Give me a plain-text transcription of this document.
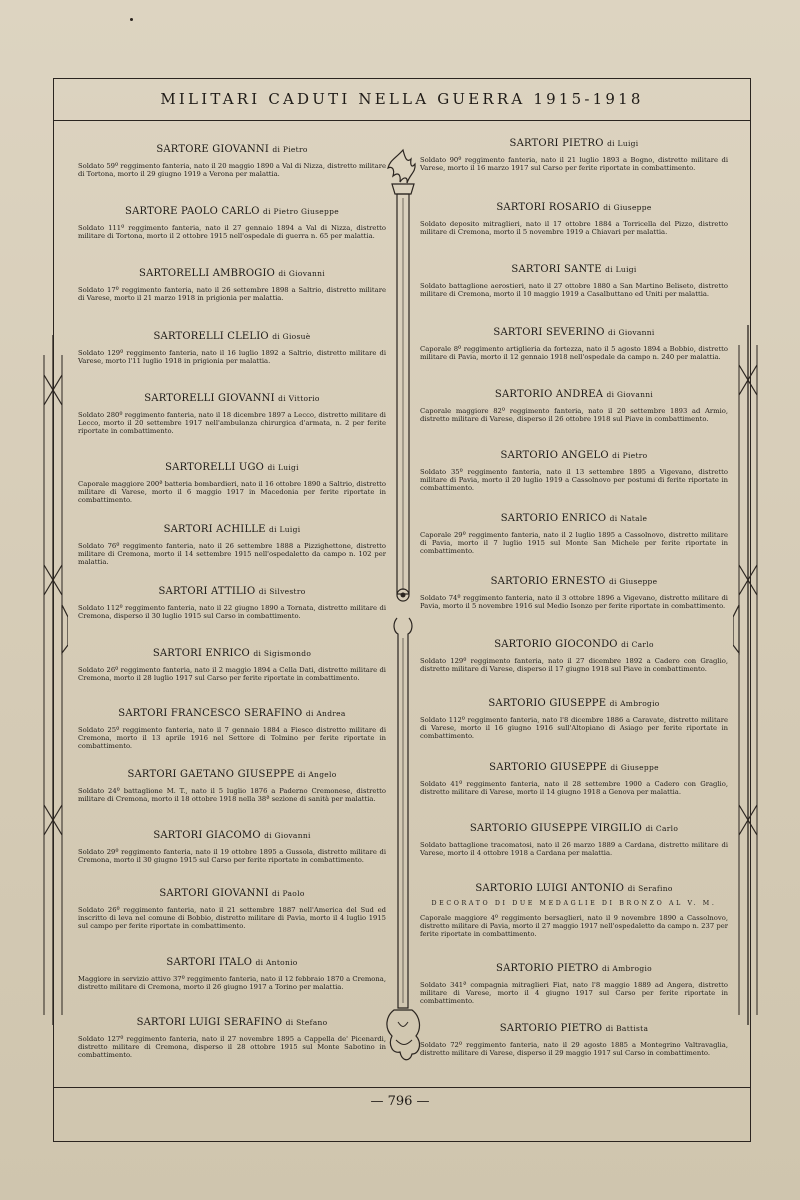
MILITARI CADUTI NELLA GUERRA 1915-1918
SARTORE GIOVANNI di Pietro
Soldato 59º reggimento fanteria, nato il 20 maggio 1890 a Val di Nizza, distretto militare di Tortona, morto il 29 giugno 1919 a Verona per malattia.
SARTORE PAOLO CARLO di Pietro Giuseppe
Soldato 111º reggimento fanteria, nato il 27 gennaio 1894 a Val di Nizza, distretto militare di Tortona, morto il 2 ottobre 1915 nell'ospedale di guerra n. 65 per malattia.
SARTORELLI AMBROGIO di Giovanni
Soldato 17º reggimento fanteria, nato il 26 settembre 1898 a Saltrio, distretto militare di Varese, morto il 21 marzo 1918 in prigionia per malattia.
SARTORELLI CLELIO di Giosuè
Soldato 129º reggimento fanteria, nato il 16 luglio 1892 a Saltrio, distretto militare di Varese, morto l'11 luglio 1918 in prigionia per malattia.
SARTORELLI GIOVANNI di Vittorio
Soldato 280º reggimento fanteria, nato il 18 dicembre 1897 a Lecco, distretto militare di Lecco, morto il 20 settembre 1917 nell'ambulanza chirurgica d'armata, n. 2 per ferite riportate in combattimento.
SARTORELLI UGO di Luigi
Caporale maggiore 200ª batteria bombardieri, nato il 16 ottobre 1890 a Saltrio, distretto militare di Varese, morto il 6 maggio 1917 in Macedonia per ferite riportate in combattimento.
SARTORI ACHILLE di Luigi
Soldato 76º reggimento fanteria, nato il 26 settembre 1888 a Pizzighettone, distretto militare di Cremona, morto il 14 settembre 1915 nell'ospedaletto da campo n. 102 per malattia.
SARTORI ATTILIO di Silvestro
Soldato 112º reggimento fanteria, nato il 22 giugno 1890 a Tornata, distretto militare di Cremona, disperso il 30 luglio 1915 sul Carso in combattimento.
SARTORI ENRICO di Sigismondo
Soldato 26º reggimento fanteria, nato il 2 maggio 1894 a Cella Dati, distretto militare di Cremona, morto il 28 luglio 1917 sul Carso per ferite riportate in combattimento.
SARTORI FRANCESCO SERAFINO di Andrea
Soldato 25º reggimento fanteria, nato il 7 gennaio 1884 a Fiesco distretto militare di Cremona, morto il 13 aprile 1916 nel Settore di Tolmino per ferite riportate in combattimento.
SARTORI GAETANO GIUSEPPE di Angelo
Soldato 24º battaglione M. T., nato il 5 luglio 1876 a Paderno Cremonese, distretto militare di Cremona, morto il 18 ottobre 1918 nella 38ª sezione di sanità per malattia.
SARTORI GIACOMO di Giovanni
Soldato 29º reggimento fanteria, nato il 19 ottobre 1895 a Gussola, distretto militare di Cremona, morto il 30 giugno 1915 sul Carso per ferite riportate in combattimento.
SARTORI GIOVANNI di Paolo
Soldato 26º reggimento fanteria, nato il 21 settembre 1887 nell'America del Sud ed inscritto di leva nel comune di Bobbio, distretto militare di Pavia, morto il 4 luglio 1915 sul campo per ferite riportate in combattimento.
SARTORI ITALO di Antonio
Maggiore in servizio attivo 37º reggimento fanteria, nato il 12 febbraio 1870 a Cremona, distretto militare di Cremona, morto il 26 giugno 1917 a Torino per malattia.
SARTORI LUIGI SERAFINO di Stefano
Soldato 127º reggimento fanteria, nato il 27 novembre 1895 a Cappella de' Picenardi, distretto militare di Cremona, disperso il 28 ottobre 1915 sul Monte Sabotino in combattimento.
SARTORI PIETRO di Luigi
Soldato 90º reggimento fanteria, nato il 21 luglio 1893 a Bogno, distretto militare di Varese, morto il 16 marzo 1917 sul Carso per ferite riportate in combattimento.
SARTORI ROSARIO di Giuseppe
Soldato deposito mitraglieri, nato il 17 ottobre 1884 a Torricella del Pizzo, distretto militare di Cremona, morto il 5 novembre 1919 a Chiavari per malattia.
SARTORI SANTE di Luigi
Soldato battaglione aerostieri, nato il 27 ottobre 1880 a San Martino Beliseto, distretto militare di Cremona, morto il 10 maggio 1919 a Casalbuttano ed Uniti per malattia.
SARTORI SEVERINO di Giovanni
Caporale 8º reggimento artiglieria da fortezza, nato il 5 agosto 1894 a Bobbio, distretto militare di Pavia, morto il 12 gennaio 1918 nell'ospedale da campo n. 240 per malattia.
SARTORIO ANDREA di Giovanni
Caporale maggiore 82º reggimento fanteria, nato il 20 settembre 1893 ad Armio, distretto militare di Varese, disperso il 26 ottobre 1918 sul Piave in combattimento.
SARTORIO ANGELO di Pietro
Soldato 35º reggimento fanteria, nato il 13 settembre 1895 a Vigevano, distretto militare di Pavia, morto il 20 luglio 1919 a Cassolnovo per postumi di ferite riportate in combattimento.
SARTORIO ENRICO di Natale
Caporale 29º reggimento fanteria, nato il 2 luglio 1895 a Cassolnovo, distretto militare di Pavia, morto il 7 luglio 1915 sul Monte San Michele per ferite riportate in combattimento.
SARTORIO ERNESTO di Giuseppe
Soldato 74º reggimento fanteria, nato il 3 ottobre 1896 a Vigevano, distretto militare di Pavia, morto il 5 novembre 1916 sul Medio Isonzo per ferite riportate in combattimento.
SARTORIO GIOCONDO di Carlo
Soldato 129º reggimento fanteria, nato il 27 dicembre 1892 a Cadero con Graglio, distretto militare di Varese, disperso il 17 giugno 1918 sul Piave in combattimento.
SARTORIO GIUSEPPE di Ambrogio
Soldato 112º reggimento fanteria, nato l'8 dicembre 1886 a Caravate, distretto militare di Varese, morto il 16 giugno 1916 sull'Altopiano di Asiago per ferite riportate in combattimento.
SARTORIO GIUSEPPE di Giuseppe
Soldato 41º reggimento fanteria, nato il 28 settembre 1900 a Cadero con Graglio, distretto militare di Varese, morto il 14 giugno 1918 a Genova per malattia.
SARTORIO GIUSEPPE VIRGILIO di Carlo
Soldato battaglione tracomatosi, nato il 26 marzo 1889 a Cardana, distretto militare di Varese, morto il 4 ottobre 1918 a Cardana per malattia.
SARTORIO LUIGI ANTONIO di Serafino
DECORATO DI DUE MEDAGLIE DI BRONZO AL V. M.
Caporale maggiore 4º reggimento bersaglieri, nato il 9 novembre 1890 a Cassolnovo, distretto militare di Pavia, morto il 27 maggio 1917 nell'ospedaletto da campo n. 237 per ferite riportate in combattimento.
SARTORIO PIETRO di Ambrogio
Soldato 341ª compagnia mitraglieri Fiat, nato l'8 maggio 1889 ad Angera, distretto militare di Varese, morto il 4 giugno 1917 sul Carso per ferite riportate in combattimento.
SARTORIO PIETRO di Battista
Soldato 72º reggimento fanteria, nato il 29 agosto 1885 a Montegrino Valtravaglia, distretto militare di Varese, disperso il 29 maggio 1917 sul Carso in combattimento.
— 796 —
